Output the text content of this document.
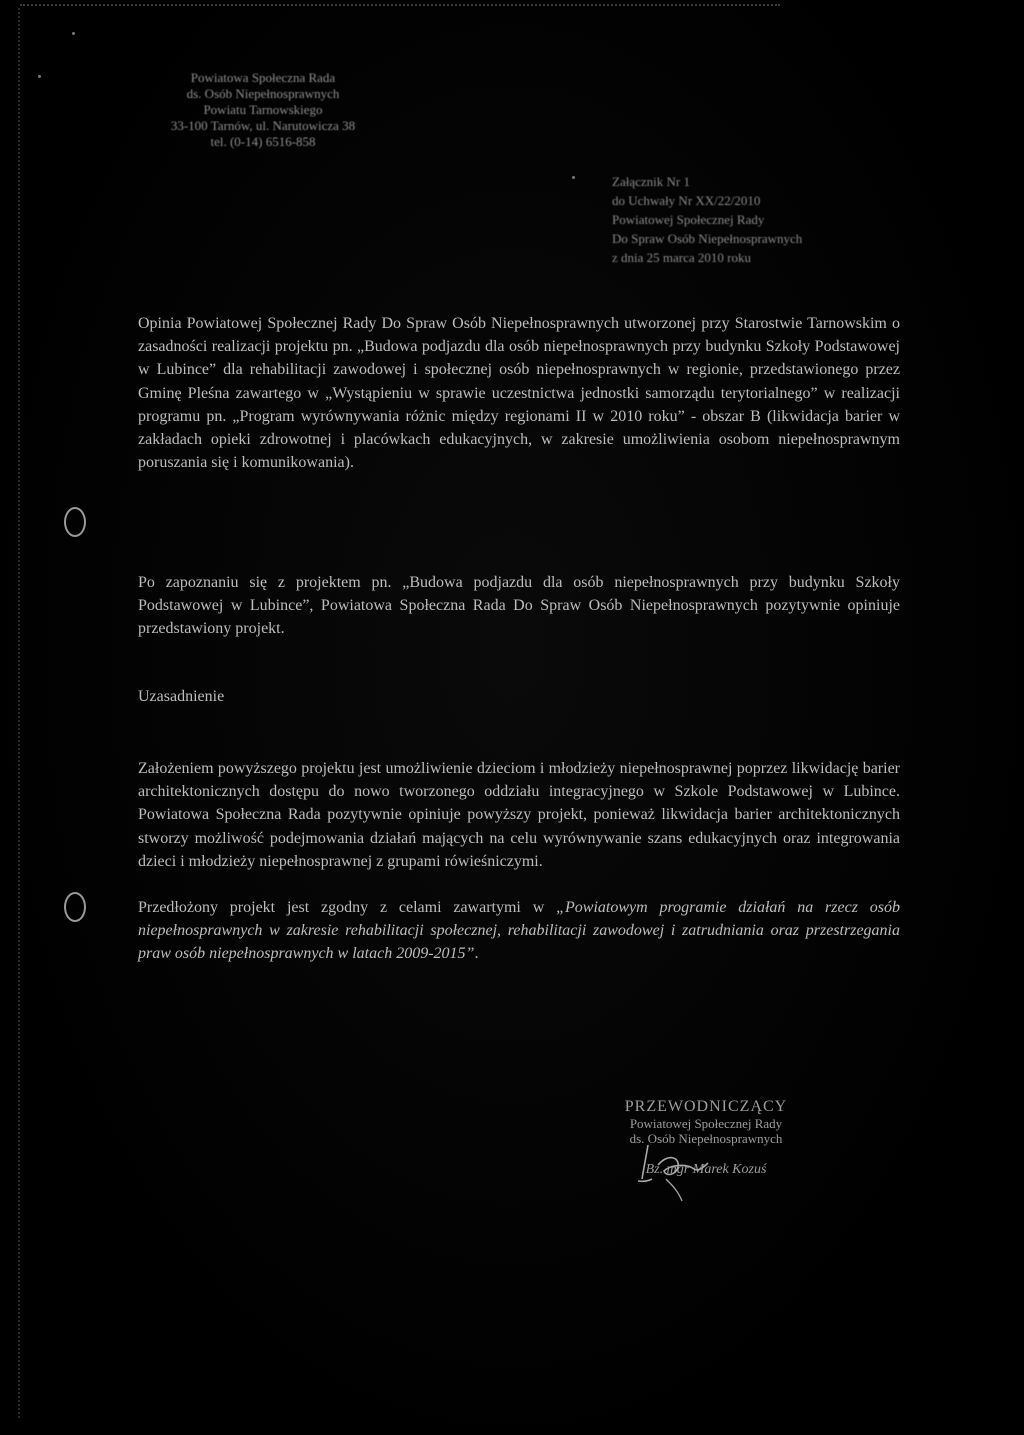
Powiatowa Społeczna Rada
ds. Osób Niepełnosprawnych
Powiatu Tarnowskiego
33-100 Tarnów, ul. Narutowicza 38
tel. (0-14) 6516-858
Załącznik Nr 1
do Uchwały Nr XX/22/2010
Powiatowej Społecznej Rady
Do Spraw Osób Niepełnosprawnych
z dnia 25 marca 2010 roku
Opinia Powiatowej Społecznej Rady Do Spraw Osób Niepełnosprawnych utworzonej przy Starostwie Tarnowskim o zasadności realizacji projektu pn. „Budowa podjazdu dla osób niepełnosprawnych przy budynku Szkoły Podstawowej w Lubince” dla rehabilitacji zawodowej i społecznej osób niepełnosprawnych w regionie, przedstawionego przez Gminę Pleśna zawartego w „Wystąpieniu w sprawie uczestnictwa jednostki samorządu terytorialnego” w realizacji programu pn. „Program wyrównywania różnic między regionami II w 2010 roku” - obszar B (likwidacja barier w zakładach opieki zdrowotnej i placówkach edukacyjnych, w zakresie umożliwienia osobom niepełnosprawnym poruszania się i komunikowania).
Po zapoznaniu się z projektem pn. „Budowa podjazdu dla osób niepełnosprawnych przy budynku Szkoły Podstawowej w Lubince”, Powiatowa Społeczna Rada Do Spraw Osób Niepełnosprawnych pozytywnie opiniuje przedstawiony projekt.
Uzasadnienie
Założeniem powyższego projektu jest umożliwienie dzieciom i młodzieży niepełnosprawnej poprzez likwidację barier architektonicznych dostępu do nowo tworzonego oddziału integracyjnego w Szkole Podstawowej w Lubince. Powiatowa Społeczna Rada pozytywnie opiniuje powyższy projekt, ponieważ likwidacja barier architektonicznych stworzy możliwość podejmowania działań mających na celu wyrównywanie szans edukacyjnych oraz integrowania dzieci i młodzieży niepełnosprawnej z grupami rówieśniczymi.
Przedłożony projekt jest zgodny z celami zawartymi w „Powiatowym programie działań na rzecz osób niepełnosprawnych w zakresie rehabilitacji społecznej, rehabilitacji zawodowej i zatrudniania oraz przestrzegania praw osób niepełnosprawnych w latach 2009-2015”.
PRZEWODNICZĄCY
Powiatowej Społecznej Rady
ds. Osób Niepełnosprawnych
Bz. mgr Marek Kozuś
